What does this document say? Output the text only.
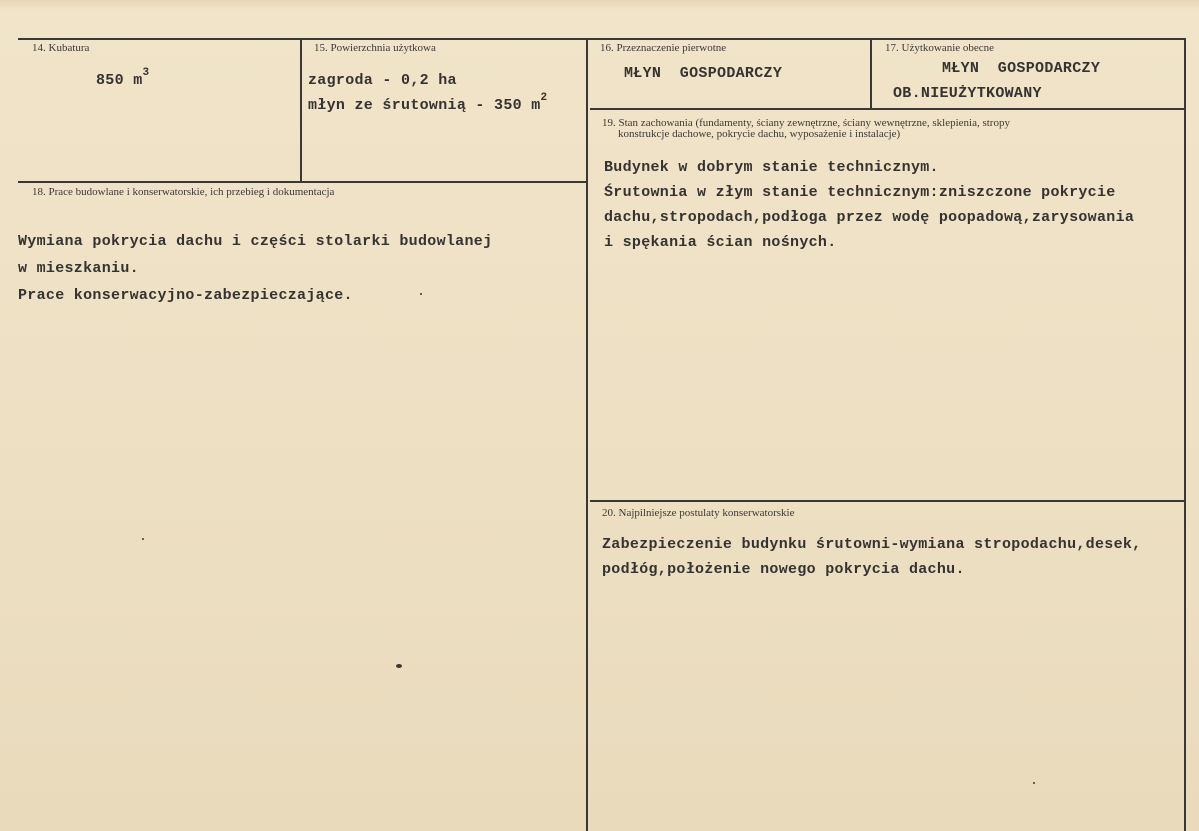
14. Kubatura
850 $m^3$
15. Powierzchnia użytkowa
zagroda - 0,2 ha
młyn ze śrutownią - 350 $m^2$
16. Przeznaczenie pierwotne
MŁYN  GOSPODARCZY
17. Użytkowanie obecne
MŁYN  GOSPODARCZY
OB.NIEUŻYTKOWANY
19. Stan zachowania (fundamenty, ściany zewnętrzne, ściany wewnętrzne, sklepienia, stropy
konstrukcje dachowe, pokrycie dachu, wyposażenie i instalacje)
Budynek w dobrym stanie technicznym.
Śrutownia w złym stanie technicznym:zniszczone pokrycie
dachu,stropodach,podłoga przez wodę poopadową,zarysowania
i spękania ścian nośnych.
18. Prace budowlane i konserwatorskie, ich przebieg i dokumentacja
Wymiana pokrycia dachu i części stolarki budowlanej
w mieszkaniu.
Prace konserwacyjno-zabezpieczające.
20. Najpilniejsze postulaty konserwatorskie
Zabezpieczenie budynku śrutowni-wymiana stropodachu,desek,
podłóg,położenie nowego pokrycia dachu.
